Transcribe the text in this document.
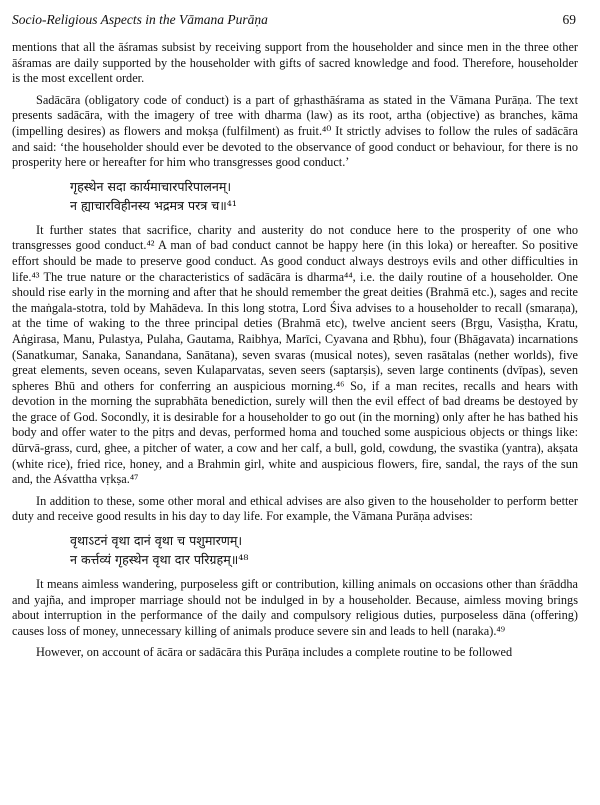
Socio-Religious Aspects in the Vāmana Purāṇa	69

mentions that all the āśramas subsist by receiving support from the householder and since men in the three other āśramas are daily supported by the householder with gifts of sacred knowledge and food. Therefore, householder is the most excellent order.

Sadācāra (obligatory code of conduct) is a part of gṛhasthāśrama as stated in the Vāmana Purāṇa. The text presents sadācāra, with the imagery of tree with dharma (law) as its root, artha (objective) as branches, kāma (impelling desires) as flowers and mokṣa (fulfilment) as fruit.⁴⁰ It strictly advises to follow the rules of sadācāra and said: ‘the householder should ever be devoted to the observance of good conduct or behaviour, for there is no prosperity here or hereafter for him who transgresses good conduct.’

गृहस्थेन सदा कार्यमाचारपरिपालनम्।
न ह्याचारविहीनस्य भद्रमत्र परत्र च॥⁴¹

It further states that sacrifice, charity and austerity do not conduce here to the prosperity of one who transgresses good conduct.⁴² A man of bad conduct cannot be happy here (in this loka) or hereafter. So positive effort should be made to preserve good conduct. As good conduct always destroys evils and other difficulties in life.⁴³ The true nature or the characteristics of sadācāra is dharma⁴⁴, i.e. the daily routine of a householder. One should rise early in the morning and after that he should remember the great deities (Brahmā etc.), sages and recite the maṅgala-stotra, told by Mahādeva. In this long stotra, Lord Śiva advises to a householder to recall (smaraṇa), at the time of waking to the three principal deties (Brahmā etc), twelve ancient seers (Bṛgu, Vasiṣṭha, Kratu, Aṅgirasa, Manu, Pulastya, Pulaha, Gautama, Raibhya, Marīci, Cyavana and Ṛbhu), four (Bhāgavata) incarnations (Sanatkumar, Sanaka, Sanandana, Sanātana), seven svaras (musical notes), seven rasātalas (nether worlds), five great elements, seven oceans, seven Kulaparvatas, seven seers (saptarṣis), seven large continents (dvīpas), seven spheres Bhū and others for conferring an auspicious morning.⁴⁶ So, if a man recites, recalls and hears with devotion in the morning the suprabhāta benediction, surely will then the evil effect of bad dreams be destoyed by the grace of God. Socondly, it is desirable for a householder to go out (in the morning) only after he has bathed his body and offer water to the pitṛs and devas, performed homa and touched some auspicious objects or things like: dūrvā-grass, curd, ghee, a pitcher of water, a cow and her calf, a bull, gold, cowdung, the svastika (yantra), akṣata (white rice), fried rice, honey, and a Brahmin girl, white and auspicious flowers, fire, sandal, the rays of the sun and, the Aśvattha vṛkṣa.⁴⁷

In addition to these, some other moral and ethical advises are also given to the householder to perform better duty and receive good results in his day to day life. For example, the Vāmana Purāṇa advises:

वृथाऽटनं वृथा दानं वृथा च पशुमारणम्।
न कर्त्तव्यं गृहस्थेन वृथा दार परिग्रहम्॥⁴⁸

It means aimless wandering, purposeless gift or contribution, killing animals on occasions other than śrāddha and yajña, and improper marriage should not be indulged in by a householder. Because, aimless moving brings about interruption in the performance of the daily and compulsory religious duties, purposeless dāna (offering) causes loss of money, unnecessary killing of animals produce severe sin and leads to hell (naraka).⁴⁹

However, on account of ācāra or sadācāra this Purāṇa includes a complete routine to be followed
